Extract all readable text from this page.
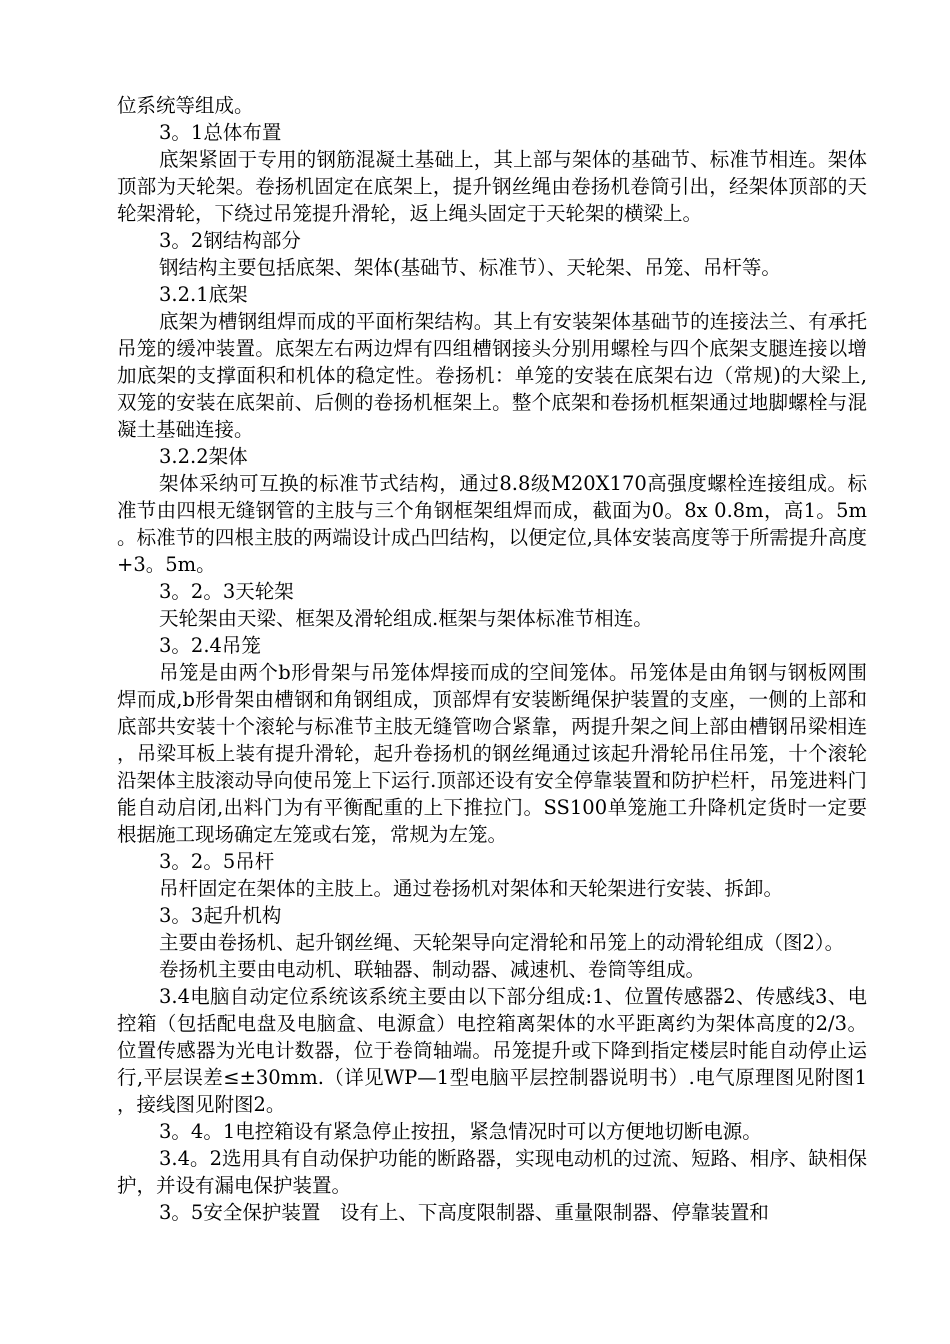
位系统等组成。

3。1总体布置

底架紧固于专用的钢筋混凝土基础上，其上部与架体的基础节、标准节相连。架体顶部为天轮架。卷扬机固定在底架上，提升钢丝绳由卷扬机卷筒引出，经架体顶部的天轮架滑轮，下绕过吊笼提升滑轮，返上绳头固定于天轮架的横梁上。

3。2钢结构部分

钢结构主要包括底架、架体(基础节、标准节）、天轮架、吊笼、吊杆等。

3.2.1底架

底架为槽钢组焊而成的平面桁架结构。其上有安装架体基础节的连接法兰、有承托吊笼的缓冲装置。底架左右两边焊有四组槽钢接头分别用螺栓与四个底架支腿连接以增加底架的支撑面积和机体的稳定性。卷扬机：单笼的安装在底架右边（常规)的大梁上,双笼的安装在底架前、后侧的卷扬机框架上。整个底架和卷扬机框架通过地脚螺栓与混凝土基础连接。

3.2.2架体

架体采纳可互换的标准节式结构，通过8.8级M20X170高强度螺栓连接组成。标准节由四根无缝钢管的主肢与三个角钢框架组焊而成，截面为0。8x 0.8m，高1。5m。标准节的四根主肢的两端设计成凸凹结构，以便定位,具体安装高度等于所需提升高度+3。5m。

3。2。3天轮架

天轮架由天梁、框架及滑轮组成.框架与架体标准节相连。

3。2.4吊笼

吊笼是由两个b形骨架与吊笼体焊接而成的空间笼体。吊笼体是由角钢与钢板网围焊而成,b形骨架由槽钢和角钢组成，顶部焊有安装断绳保护装置的支座，一侧的上部和底部共安装十个滚轮与标准节主肢无缝管吻合紧靠，两提升架之间上部由槽钢吊梁相连，吊梁耳板上装有提升滑轮，起升卷扬机的钢丝绳通过该起升滑轮吊住吊笼，十个滚轮沿架体主肢滚动导向使吊笼上下运行.顶部还设有安全停靠装置和防护栏杆，吊笼进料门能自动启闭,出料门为有平衡配重的上下推拉门。SS100单笼施工升降机定货时一定要根据施工现场确定左笼或右笼，常规为左笼。

3。2。5吊杆

吊杆固定在架体的主肢上。通过卷扬机对架体和天轮架进行安装、拆卸。

3。3起升机构

主要由卷扬机、起升钢丝绳、天轮架导向定滑轮和吊笼上的动滑轮组成（图2）。

卷扬机主要由电动机、联轴器、制动器、减速机、卷筒等组成。

3.4电脑自动定位系统该系统主要由以下部分组成:1、位置传感器2、传感线3、电控箱（包括配电盘及电脑盒、电源盒）电控箱离架体的水平距离约为架体高度的2/3。位置传感器为光电计数器，位于卷筒轴端。吊笼提升或下降到指定楼层时能自动停止运行,平层误差≤±30mm.（详见WP—1型电脑平层控制器说明书）.电气原理图见附图1，接线图见附图2。

3。4。1电控箱设有紧急停止按扭，紧急情况时可以方便地切断电源。

3.4。2选用具有自动保护功能的断路器，实现电动机的过流、短路、相序、缺相保护，并设有漏电保护装置。

3。5安全保护装置　设有上、下高度限制器、重量限制器、停靠装置和
